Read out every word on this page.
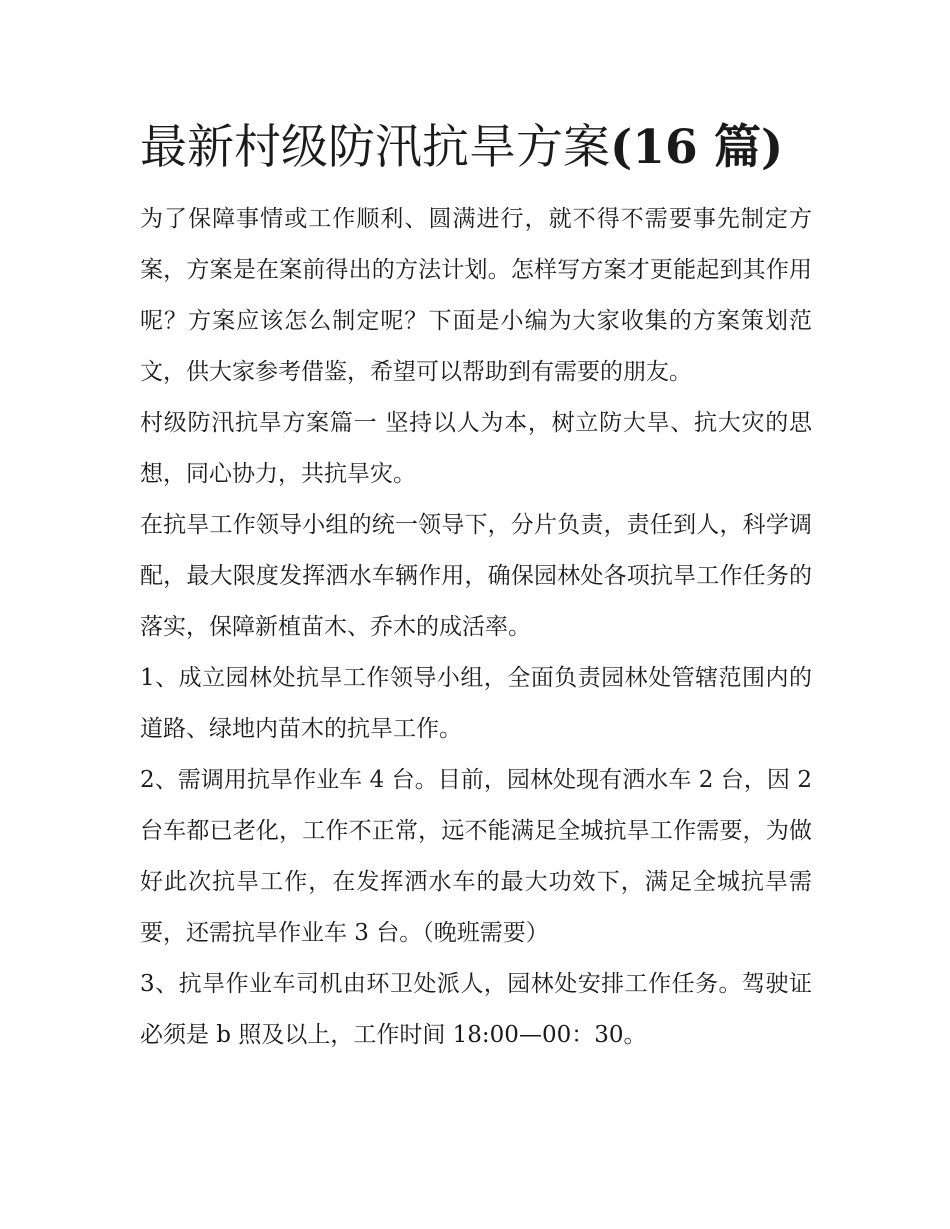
最新村级防汛抗旱方案(16 篇)

为了保障事情或工作顺利、圆满进行，就不得不需要事先制定方案，方案是在案前得出的方法计划。怎样写方案才更能起到其作用呢？方案应该怎么制定呢？下面是小编为大家收集的方案策划范文，供大家参考借鉴，希望可以帮助到有需要的朋友。

村级防汛抗旱方案篇一 坚持以人为本，树立防大旱、抗大灾的思想，同心协力，共抗旱灾。

在抗旱工作领导小组的统一领导下，分片负责，责任到人，科学调配，最大限度发挥洒水车辆作用，确保园林处各项抗旱工作任务的落实，保障新植苗木、乔木的成活率。

1、成立园林处抗旱工作领导小组，全面负责园林处管辖范围内的道路、绿地内苗木的抗旱工作。

2、需调用抗旱作业车 4 台。目前，园林处现有洒水车 2 台，因 2 台车都已老化，工作不正常，远不能满足全城抗旱工作需要，为做好此次抗旱工作，在发挥洒水车的最大功效下，满足全城抗旱需要，还需抗旱作业车 3 台。（晚班需要）

3、抗旱作业车司机由环卫处派人，园林处安排工作任务。驾驶证必须是 b 照及以上，工作时间 18:00—00：30。
